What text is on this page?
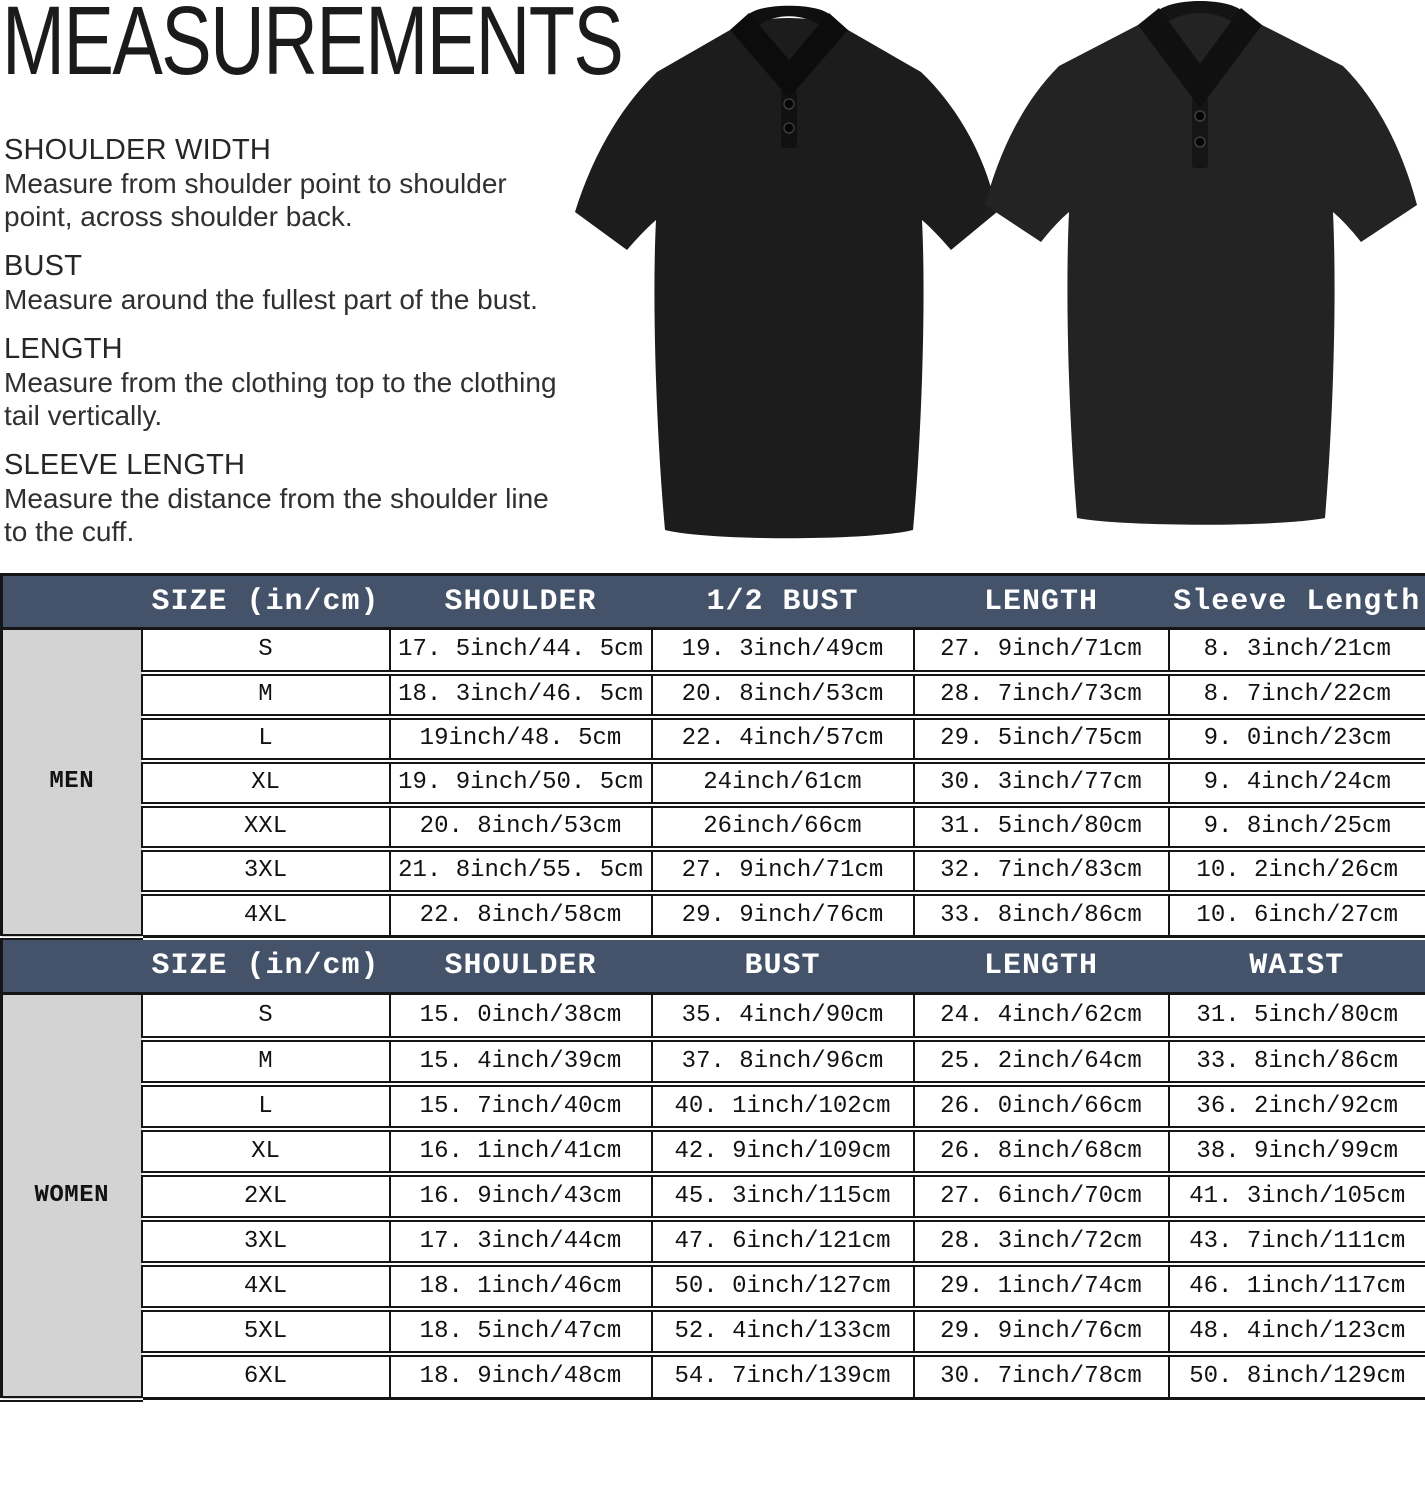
MEASUREMENTS
SHOULDER WIDTH
Measure from shoulder point to shoulder point, across shoulder back.
BUST
Measure around the fullest part of the bust.
LENGTH
Measure from the clothing top to the clothing tail vertically.
SLEEVE LENGTH
Measure the distance from the shoulder line to the cuff.
	SIZE (in/cm)	SHOULDER	1/2 BUST	LENGTH	Sleeve Length
MEN	S	17. 5inch/44. 5cm	19. 3inch/49cm	27. 9inch/71cm	8. 3inch/21cm
	M	18. 3inch/46. 5cm	20. 8inch/53cm	28. 7inch/73cm	8. 7inch/22cm
	L	19inch/48. 5cm	22. 4inch/57cm	29. 5inch/75cm	9. 0inch/23cm
	XL	19. 9inch/50. 5cm	24inch/61cm	30. 3inch/77cm	9. 4inch/24cm
	XXL	20. 8inch/53cm	26inch/66cm	31. 5inch/80cm	9. 8inch/25cm
	3XL	21. 8inch/55. 5cm	27. 9inch/71cm	32. 7inch/83cm	10. 2inch/26cm
	4XL	22. 8inch/58cm	29. 9inch/76cm	33. 8inch/86cm	10. 6inch/27cm
	SIZE (in/cm)	SHOULDER	BUST	LENGTH	WAIST
WOMEN	S	15. 0inch/38cm	35. 4inch/90cm	24. 4inch/62cm	31. 5inch/80cm
	M	15. 4inch/39cm	37. 8inch/96cm	25. 2inch/64cm	33. 8inch/86cm
	L	15. 7inch/40cm	40. 1inch/102cm	26. 0inch/66cm	36. 2inch/92cm
	XL	16. 1inch/41cm	42. 9inch/109cm	26. 8inch/68cm	38. 9inch/99cm
	2XL	16. 9inch/43cm	45. 3inch/115cm	27. 6inch/70cm	41. 3inch/105cm
	3XL	17. 3inch/44cm	47. 6inch/121cm	28. 3inch/72cm	43. 7inch/111cm
	4XL	18. 1inch/46cm	50. 0inch/127cm	29. 1inch/74cm	46. 1inch/117cm
	5XL	18. 5inch/47cm	52. 4inch/133cm	29. 9inch/76cm	48. 4inch/123cm
	6XL	18. 9inch/48cm	54. 7inch/139cm	30. 7inch/78cm	50. 8inch/129cm
